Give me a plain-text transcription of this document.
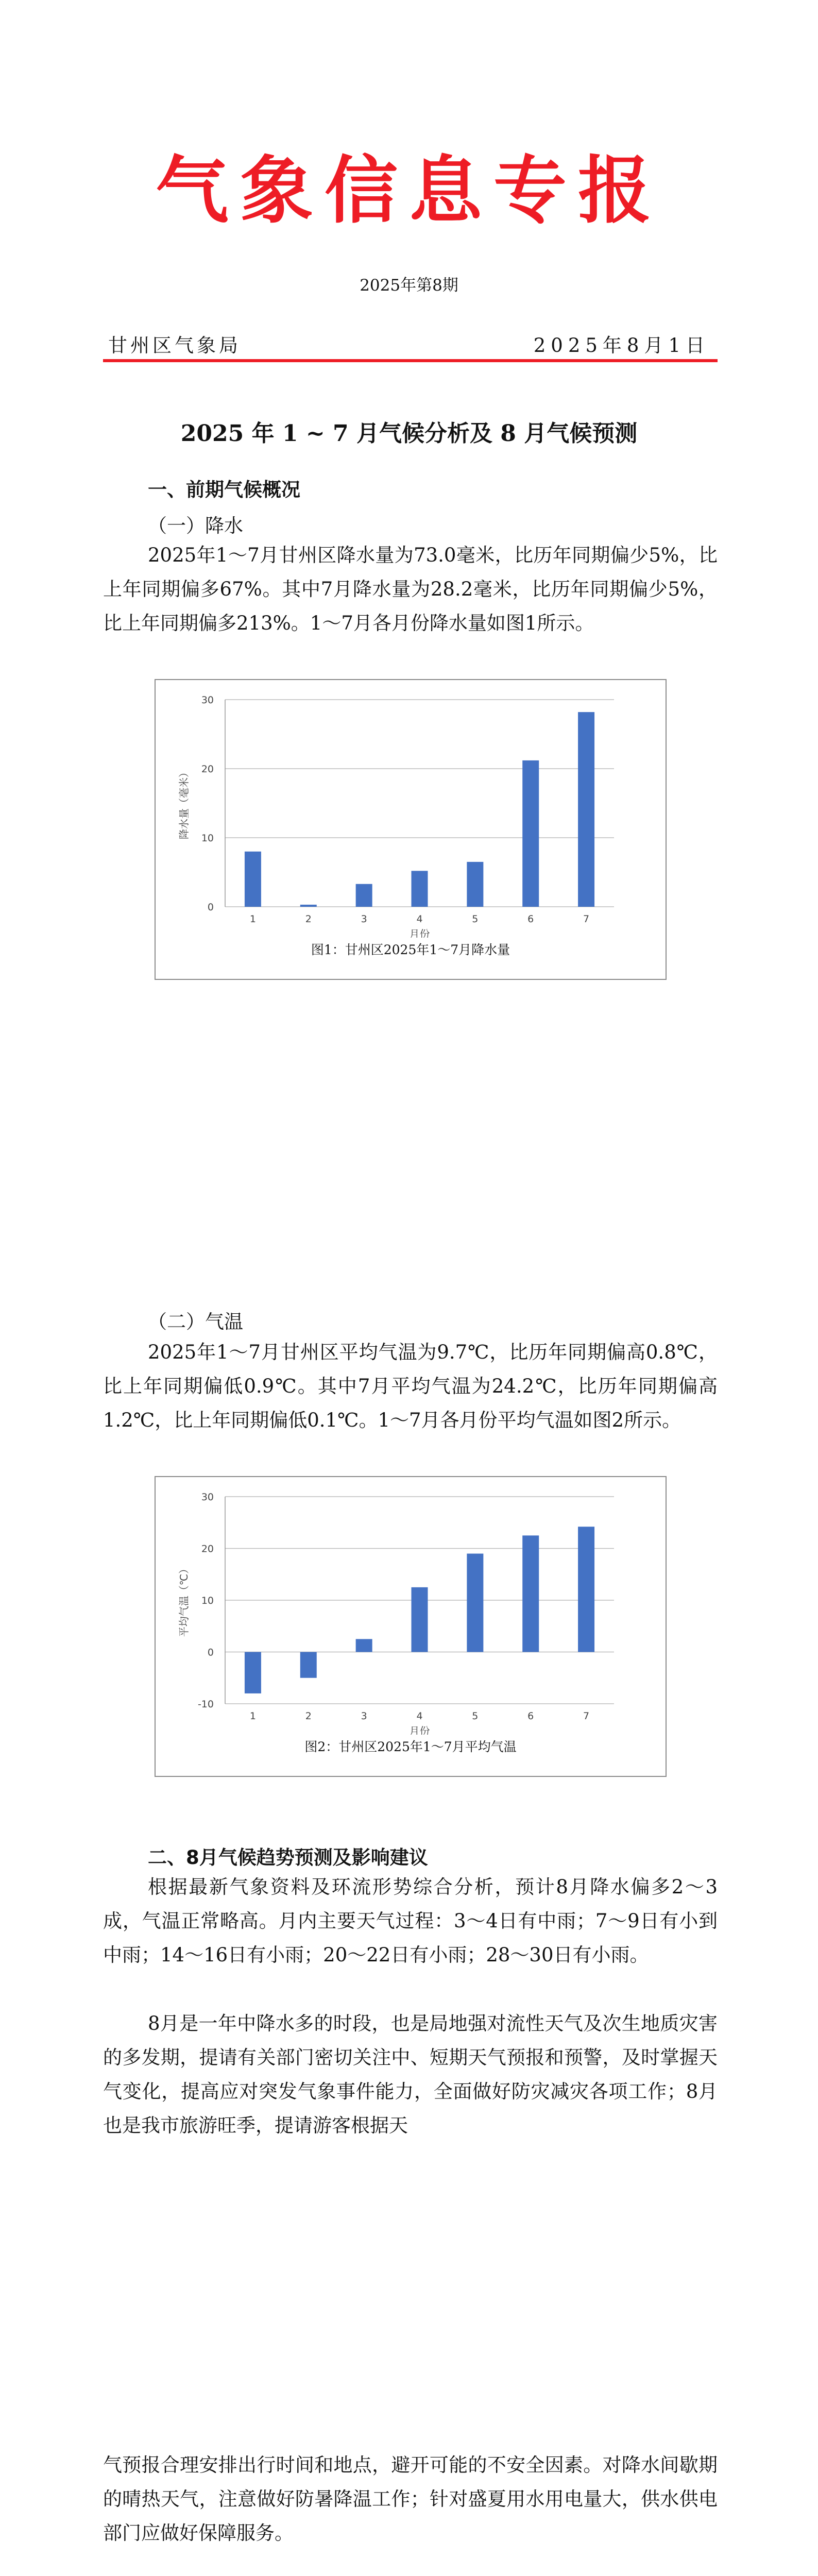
气象信息专报
2025年第8期
甘州区气象局	2025年8月1日
2025 年 1 ~ 7 月气候分析及 8 月气候预测
一、前期气候概况
（一）降水
2025年1～7月甘州区降水量为73.0毫米，比历年同期偏少5%，比上年同期偏多67%。其中7月降水量为28.2毫米，比历年同期偏少5%，比上年同期偏多213%。1～7月各月份降水量如图1所示。
0
10
20
30
1	2	3	4	5	6	7
月份
降水量（毫米）
图1：甘州区2025年1～7月降水量
（二）气温
2025年1～7月甘州区平均气温为9.7℃，比历年同期偏高0.8℃，比上年同期偏低0.9℃。其中7月平均气温为24.2℃，比历年同期偏高1.2℃，比上年同期偏低0.1℃。1～7月各月份平均气温如图2所示。
-10
0
10
20
30
1	2	3	4	5	6	7
月份
平均气温（℃）
图2：甘州区2025年1～7月平均气温
二、8月气候趋势预测及影响建议
根据最新气象资料及环流形势综合分析，预计8月降水偏多2～3成，气温正常略高。月内主要天气过程：3～4日有中雨；7～9日有小到中雨；14～16日有小雨；20～22日有小雨；28～30日有小雨。
8月是一年中降水多的时段，也是局地强对流性天气及次生地质灾害的多发期，提请有关部门密切关注中、短期天气预报和预警，及时掌握天气变化，提高应对突发气象事件能力，全面做好防灾减灾各项工作；8月也是我市旅游旺季，提请游客根据天
气预报合理安排出行时间和地点，避开可能的不安全因素。对降水间歇期的晴热天气，注意做好防暑降温工作；针对盛夏用水用电量大，供水供电部门应做好保障服务。
